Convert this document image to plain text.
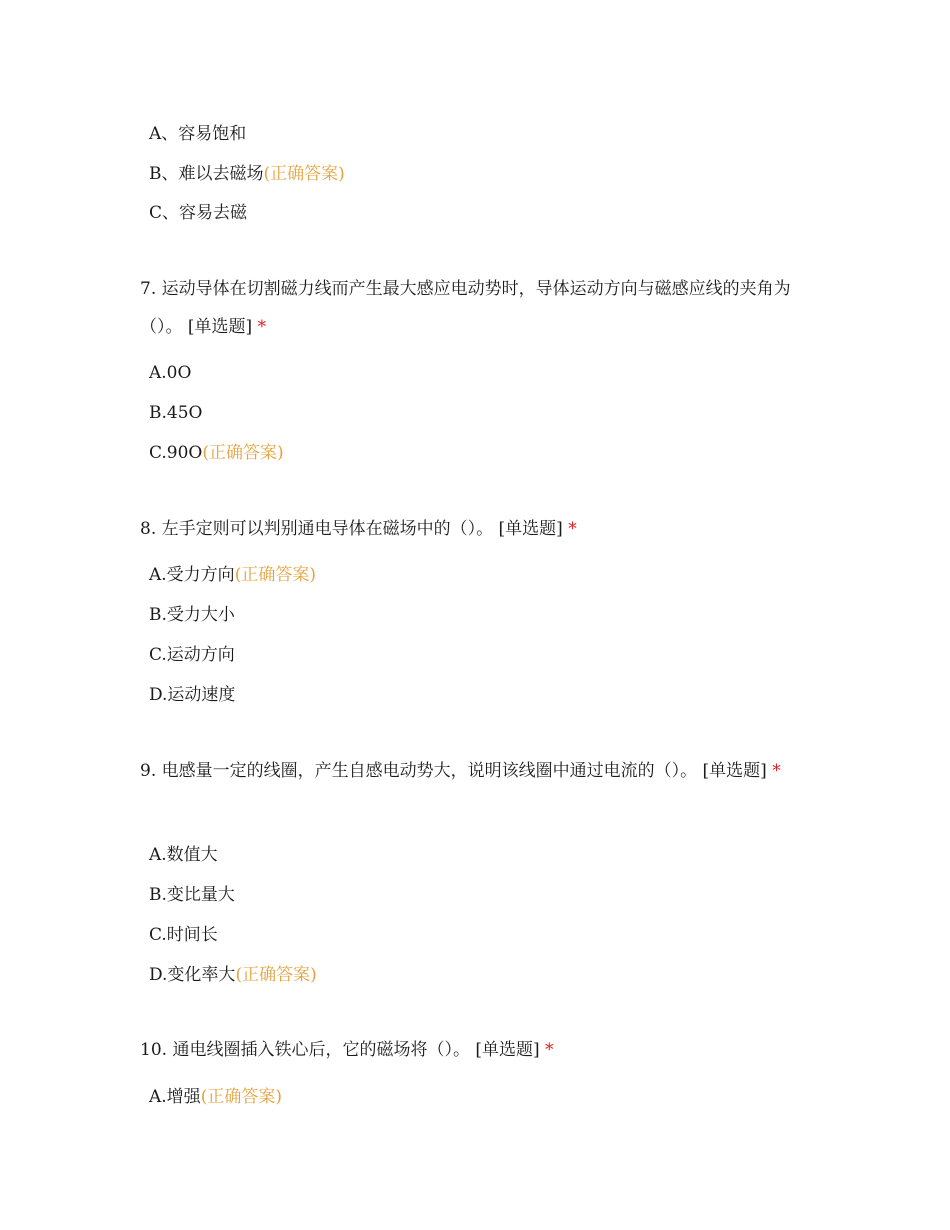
A、容易饱和
B、难以去磁场(正确答案)
C、容易去磁
7. 运动导体在切割磁力线而产生最大感应电动势时，导体运动方向与磁感应线的夹角为（）。 [单选题] *
A.0O
B.45O
C.90O(正确答案)
8. 左手定则可以判别通电导体在磁场中的（）。 [单选题] *
A.受力方向(正确答案)
B.受力大小
C.运动方向
D.运动速度
9. 电感量一定的线圈，产生自感电动势大，说明该线圈中通过电流的（）。 [单选题] *
A.数值大
B.变比量大
C.时间长
D.变化率大(正确答案)
10. 通电线圈插入铁心后，它的磁场将（）。 [单选题] *
A.增强(正确答案)
